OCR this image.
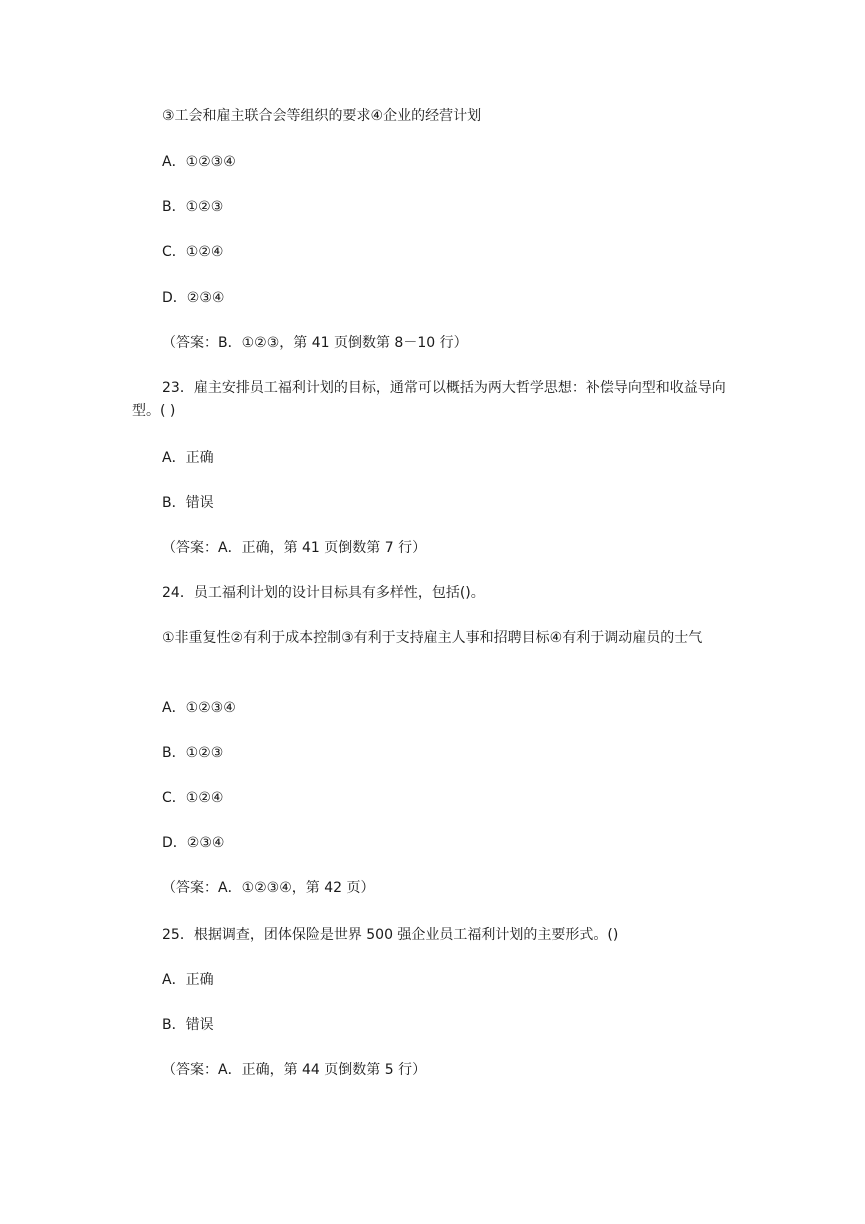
③工会和雇主联合会等组织的要求④企业的经营计划
A．①②③④
B．①②③
C．①②④
D．②③④
（答案：B．①②③，第 41 页倒数第 8－10 行）
23．雇主安排员工福利计划的目标，通常可以概括为两大哲学思想：补偿导向型和收益导向型。( )
A．正确
B．错误
（答案：A．正确，第 41 页倒数第 7 行）
24．员工福利计划的设计目标具有多样性，包括()。
①非重复性②有利于成本控制③有利于支持雇主人事和招聘目标④有利于调动雇员的士气
A．①②③④
B．①②③
C．①②④
D．②③④
（答案：A．①②③④，第 42 页）
25．根据调查，团体保险是世界 500 强企业员工福利计划的主要形式。()
A．正确
B．错误
（答案：A．正确，第 44 页倒数第 5 行）
